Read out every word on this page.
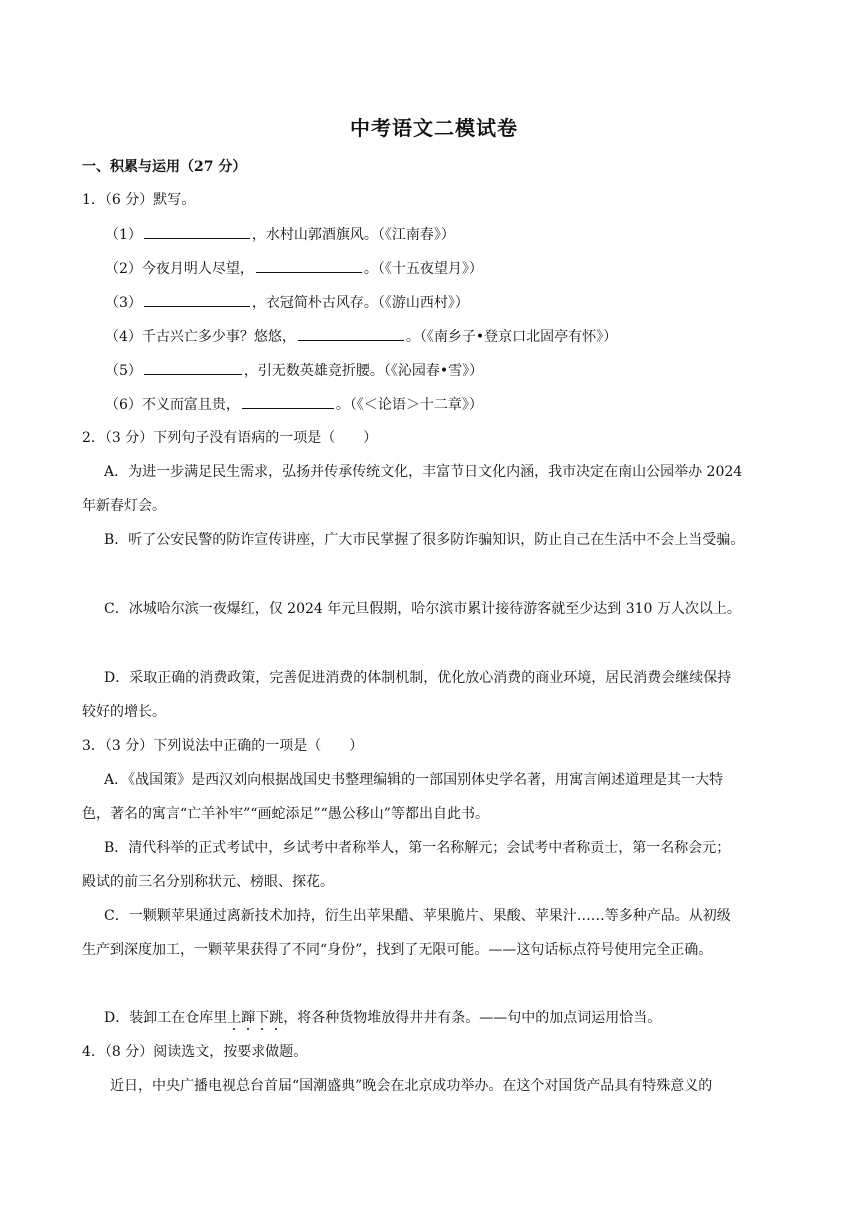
中考语文二模试卷
一、积累与运用（27 分）
1．（6 分）默写。
（1）	，水村山郭酒旗风。（《江南春》）
（2）今夜月明人尽望，	。（《十五夜望月》）
（3）	，衣冠简朴古风存。（《游山西村》）
（4）千古兴亡多少事？悠悠，	。（《南乡子•登京口北固亭有怀》）
（5）	，引无数英雄竞折腰。（《沁园春•雪》）
（6）不义而富且贵，	。（《＜论语＞十二章》）
2．（3 分）下列句子没有语病的一项是（　　）
A．为进一步满足民生需求，弘扬并传承传统文化，丰富节日文化内涵，我市决定在南山公园举办 2024
年新春灯会。
B．听了公安民警的防诈宣传讲座，广大市民掌握了很多防诈骗知识，防止自己在生活中不会上当受骗。
C．冰城哈尔滨一夜爆红，仅 2024 年元旦假期，哈尔滨市累计接待游客就至少达到 310 万人次以上。
D．采取正确的消费政策，完善促进消费的体制机制，优化放心消费的商业环境，居民消费会继续保持
较好的增长。
3．（3 分）下列说法中正确的一项是（　　）
A．《战国策》是西汉刘向根据战国史书整理编辑的一部国别体史学名著，用寓言阐述道理是其一大特
色，著名的寓言“亡羊补牢”“画蛇添足”“愚公移山”等都出自此书。
B．清代科举的正式考试中，乡试考中者称举人，第一名称解元；会试考中者称贡士，第一名称会元；
殿试的前三名分别称状元、榜眼、探花。
C．一颗颗苹果通过离新技术加持，衍生出苹果醋、苹果脆片、果酸、苹果汁……等多种产品。从初级
生产到深度加工，一颗苹果获得了不同“身份”，找到了无限可能。——这句话标点符号使用完全正确。
D．装卸工在仓库里上蹿下跳
，将各种货物堆放得井井有条。——句中的加点词运用恰当。
4．（8 分）阅读选文，按要求做题。
近日，中央广播电视总台首届“国潮盛典”晚会在北京成功举办。在这个对国货产品具有特殊意义的
